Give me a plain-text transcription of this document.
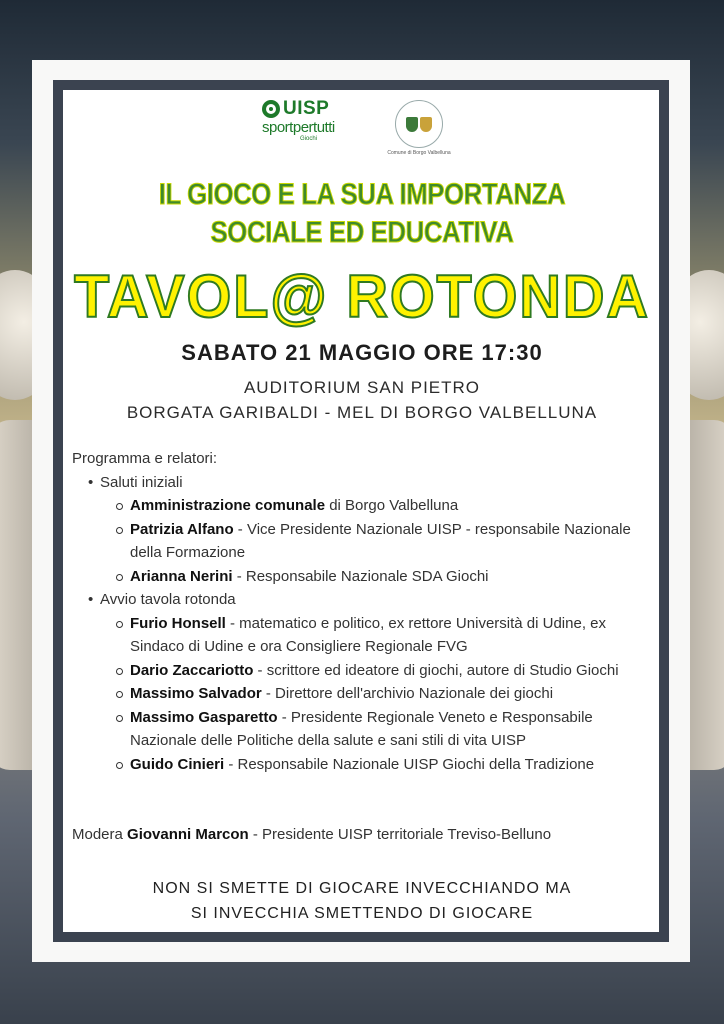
UISP
sportpertutti
Giochi
Comune di Borgo Valbelluna
IL GIOCO E LA SUA IMPORTANZA
SOCIALE ED EDUCATIVA
TAVOL@ ROTONDA
SABATO 21 MAGGIO ORE 17:30
AUDITORIUM SAN PIETRO
BORGATA GARIBALDI - MEL DI BORGO VALBELLUNA
Programma e relatori:
• Saluti iniziali
Amministrazione comunale di Borgo Valbelluna
Patrizia Alfano - Vice Presidente Nazionale UISP - responsabile Nazionale della Formazione
Arianna Nerini - Responsabile Nazionale SDA Giochi
• Avvio tavola rotonda
Furio Honsell - matematico e politico, ex rettore Università di Udine, ex Sindaco di Udine e ora Consigliere Regionale FVG
Dario Zaccariotto - scrittore ed ideatore di giochi, autore di Studio Giochi
Massimo Salvador - Direttore dell'archivio Nazionale dei giochi
Massimo Gasparetto - Presidente Regionale Veneto e Responsabile Nazionale delle Politiche della salute e sani stili di vita UISP
Guido Cinieri - Responsabile Nazionale UISP Giochi della Tradizione
Modera Giovanni Marcon - Presidente UISP territoriale Treviso-Belluno
NON SI SMETTE DI GIOCARE INVECCHIANDO MA
SI INVECCHIA SMETTENDO DI GIOCARE
